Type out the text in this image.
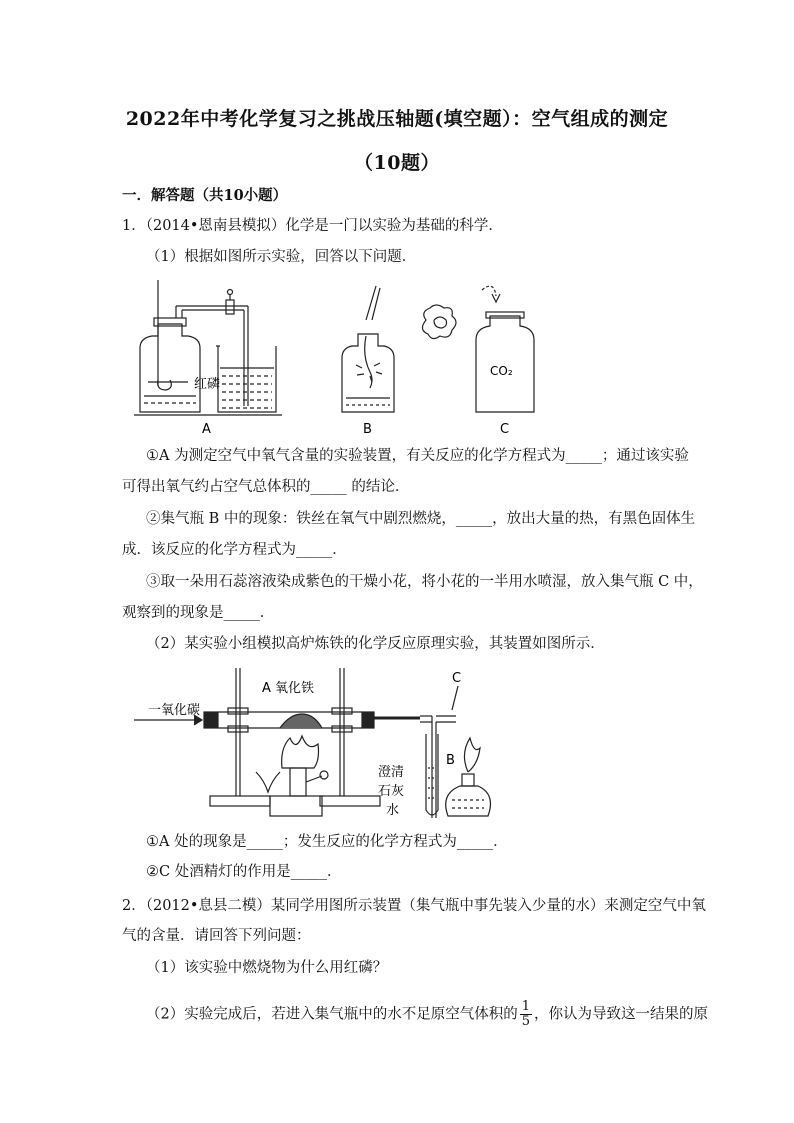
2022年中考化学复习之挑战压轴题(填空题）：空气组成的测定
（10题）
一．解答题（共10小题）
1．（2014•恩南县模拟）化学是一门以实验为基础的科学．
（1）根据如图所示实验，回答以下问题．
红磷
CO₂
A	B	C
①A 为测定空气中氧气含量的实验装置，有关反应的化学方程式为_____；通过该实验
可得出氧气约占空气总体积的_____ 的结论．
②集气瓶 B 中的现象：铁丝在氧气中剧烈燃烧，_____，放出大量的热，有黑色固体生
成．该反应的化学方程式为_____．
③取一朵用石蕊溶液染成紫色的干燥小花，将小花的一半用水喷湿，放入集气瓶 C 中，
观察到的现象是_____．
（2）某实验小组模拟高炉炼铁的化学反应原理实验，其装置如图所示．
一氧化碳
A 氧化铁
C
B
澄清
石灰
水
①A 处的现象是_____；发生反应的化学方程式为_____．
②C 处酒精灯的作用是_____．
2．（2012•息县二模）某同学用图所示装置（集气瓶中事先装入少量的水）来测定空气中氧
气的含量．请回答下列问题：
（1）该实验中燃烧物为什么用红磷？
（2）实验完成后，若进入集气瓶中的水不足原空气体积的 $\frac{1}{5}$ ，你认为导致这一结果的原
